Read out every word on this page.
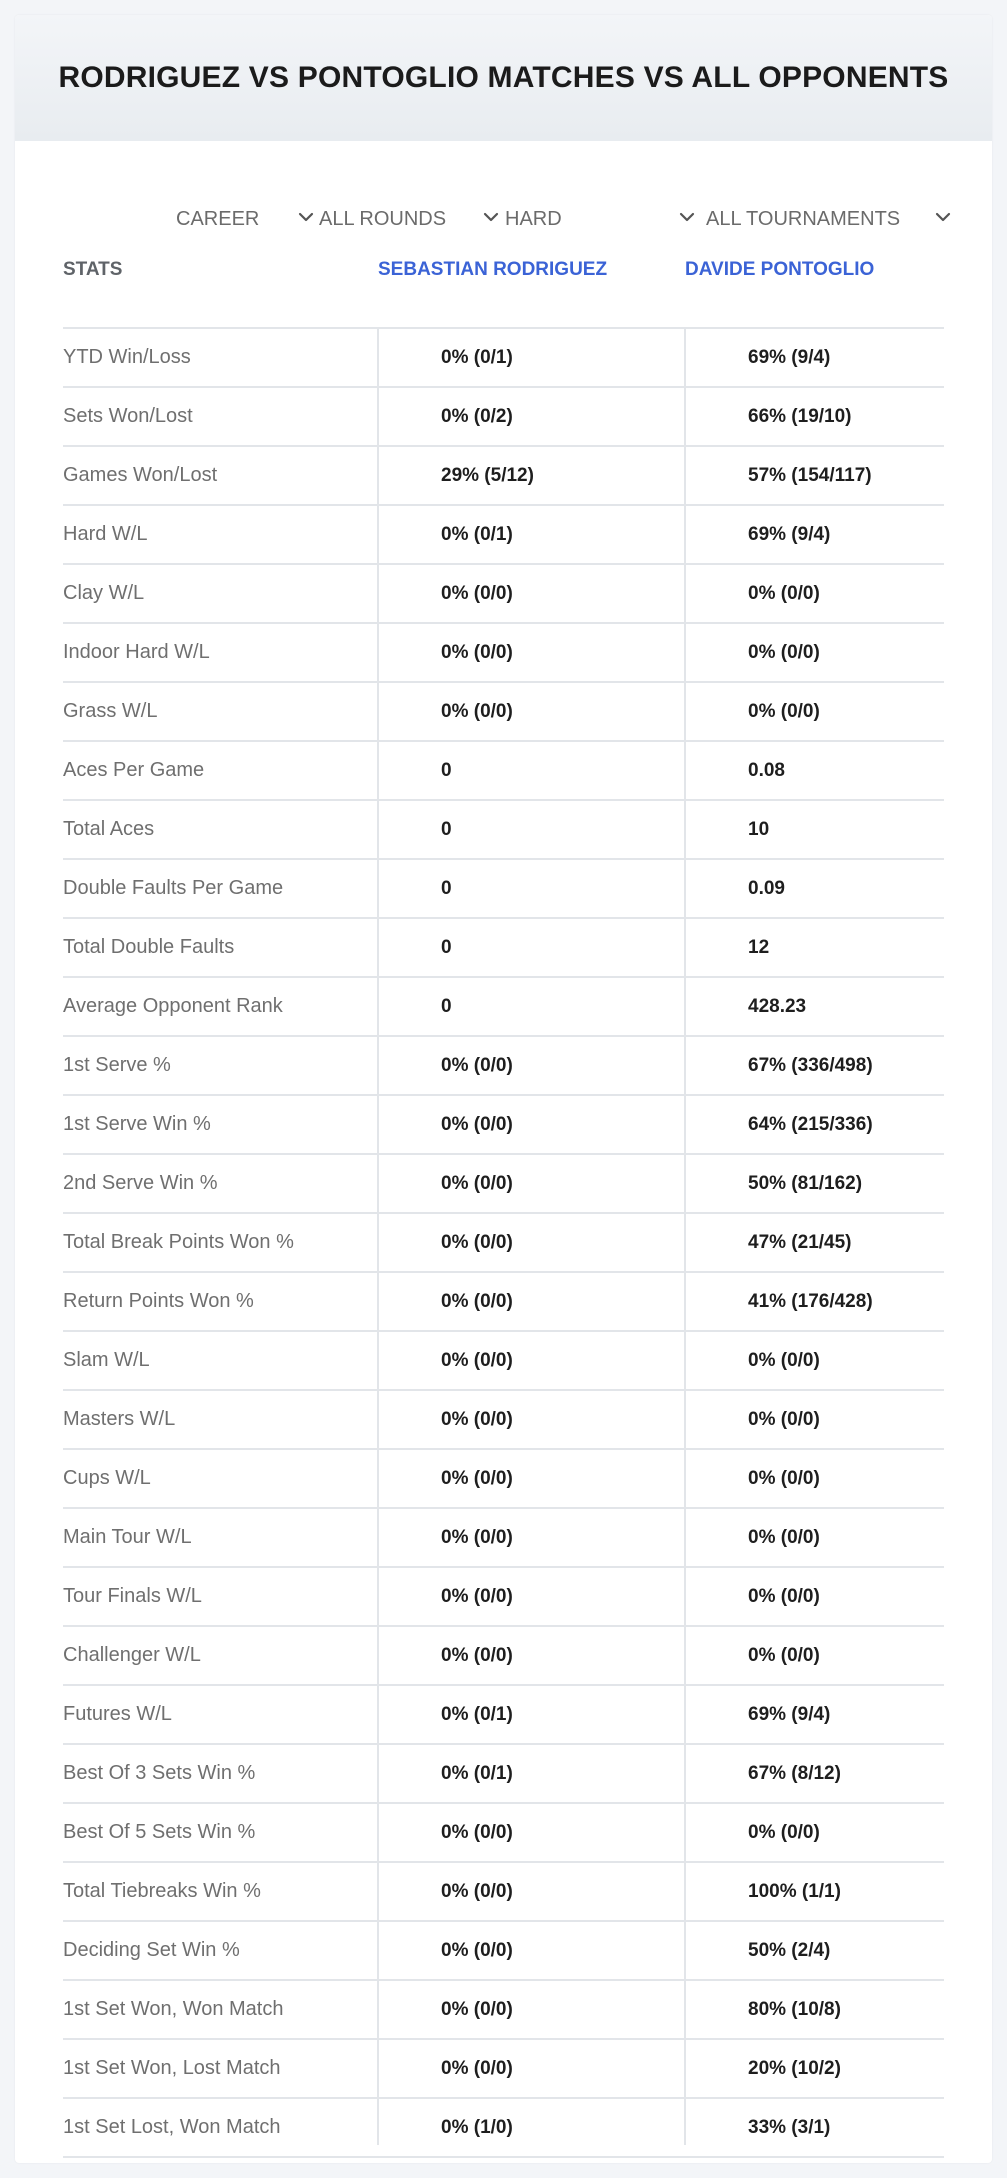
RODRIGUEZ VS PONTOGLIO MATCHES VS ALL OPPONENTS
CAREER	ALL ROUNDS	HARD	ALL TOURNAMENTS
STATS	SEBASTIAN RODRIGUEZ	DAVIDE PONTOGLIO
YTD Win/Loss	0% (0/1)	69% (9/4)
Sets Won/Lost	0% (0/2)	66% (19/10)
Games Won/Lost	29% (5/12)	57% (154/117)
Hard W/L	0% (0/1)	69% (9/4)
Clay W/L	0% (0/0)	0% (0/0)
Indoor Hard W/L	0% (0/0)	0% (0/0)
Grass W/L	0% (0/0)	0% (0/0)
Aces Per Game	0	0.08
Total Aces	0	10
Double Faults Per Game	0	0.09
Total Double Faults	0	12
Average Opponent Rank	0	428.23
1st Serve %	0% (0/0)	67% (336/498)
1st Serve Win %	0% (0/0)	64% (215/336)
2nd Serve Win %	0% (0/0)	50% (81/162)
Total Break Points Won %	0% (0/0)	47% (21/45)
Return Points Won %	0% (0/0)	41% (176/428)
Slam W/L	0% (0/0)	0% (0/0)
Masters W/L	0% (0/0)	0% (0/0)
Cups W/L	0% (0/0)	0% (0/0)
Main Tour W/L	0% (0/0)	0% (0/0)
Tour Finals W/L	0% (0/0)	0% (0/0)
Challenger W/L	0% (0/0)	0% (0/0)
Futures W/L	0% (0/1)	69% (9/4)
Best Of 3 Sets Win %	0% (0/1)	67% (8/12)
Best Of 5 Sets Win %	0% (0/0)	0% (0/0)
Total Tiebreaks Win %	0% (0/0)	100% (1/1)
Deciding Set Win %	0% (0/0)	50% (2/4)
1st Set Won, Won Match	0% (0/0)	80% (10/8)
1st Set Won, Lost Match	0% (0/0)	20% (10/2)
1st Set Lost, Won Match	0% (1/0)	33% (3/1)
